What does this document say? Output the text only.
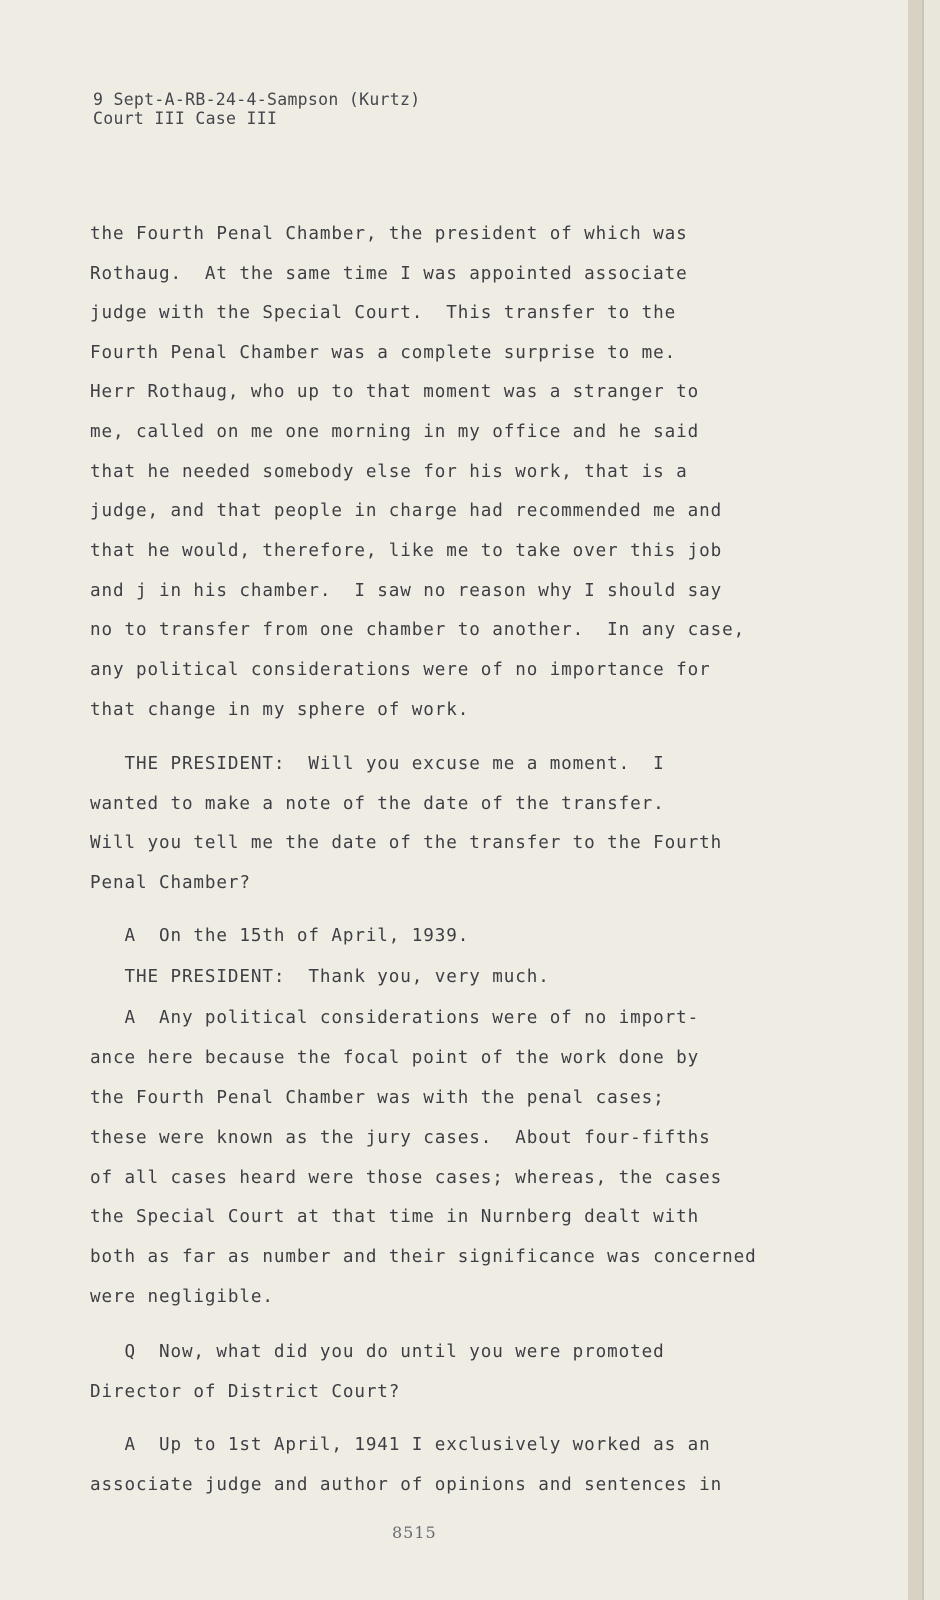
9 Sept-A-RB-24-4-Sampson (Kurtz)
Court III Case III
the Fourth Penal Chamber, the president of which was
Rothaug.  At the same time I was appointed associate
judge with the Special Court.  This transfer to the
Fourth Penal Chamber was a complete surprise to me.
Herr Rothaug, who up to that moment was a stranger to
me, called on me one morning in my office and he said
that he needed somebody else for his work, that is a
judge, and that people in charge had recommended me and
that he would, therefore, like me to take over this job
and j in his chamber.  I saw no reason why I should say
no to transfer from one chamber to another.  In any case,
any political considerations were of no importance for
that change in my sphere of work.
THE PRESIDENT:  Will you excuse me a moment.  I
wanted to make a note of the date of the transfer.
Will you tell me the date of the transfer to the Fourth
Penal Chamber?
A  On the 15th of April, 1939.
THE PRESIDENT:  Thank you, very much.
A  Any political considerations were of no import-
ance here because the focal point of the work done by
the Fourth Penal Chamber was with the penal cases;
these were known as the jury cases.  About four-fifths
of all cases heard were those cases; whereas, the cases
the Special Court at that time in Nurnberg dealt with
both as far as number and their significance was concerned
were negligible.
Q  Now, what did you do until you were promoted
Director of District Court?
A  Up to 1st April, 1941 I exclusively worked as an
associate judge and author of opinions and sentences in
8515
